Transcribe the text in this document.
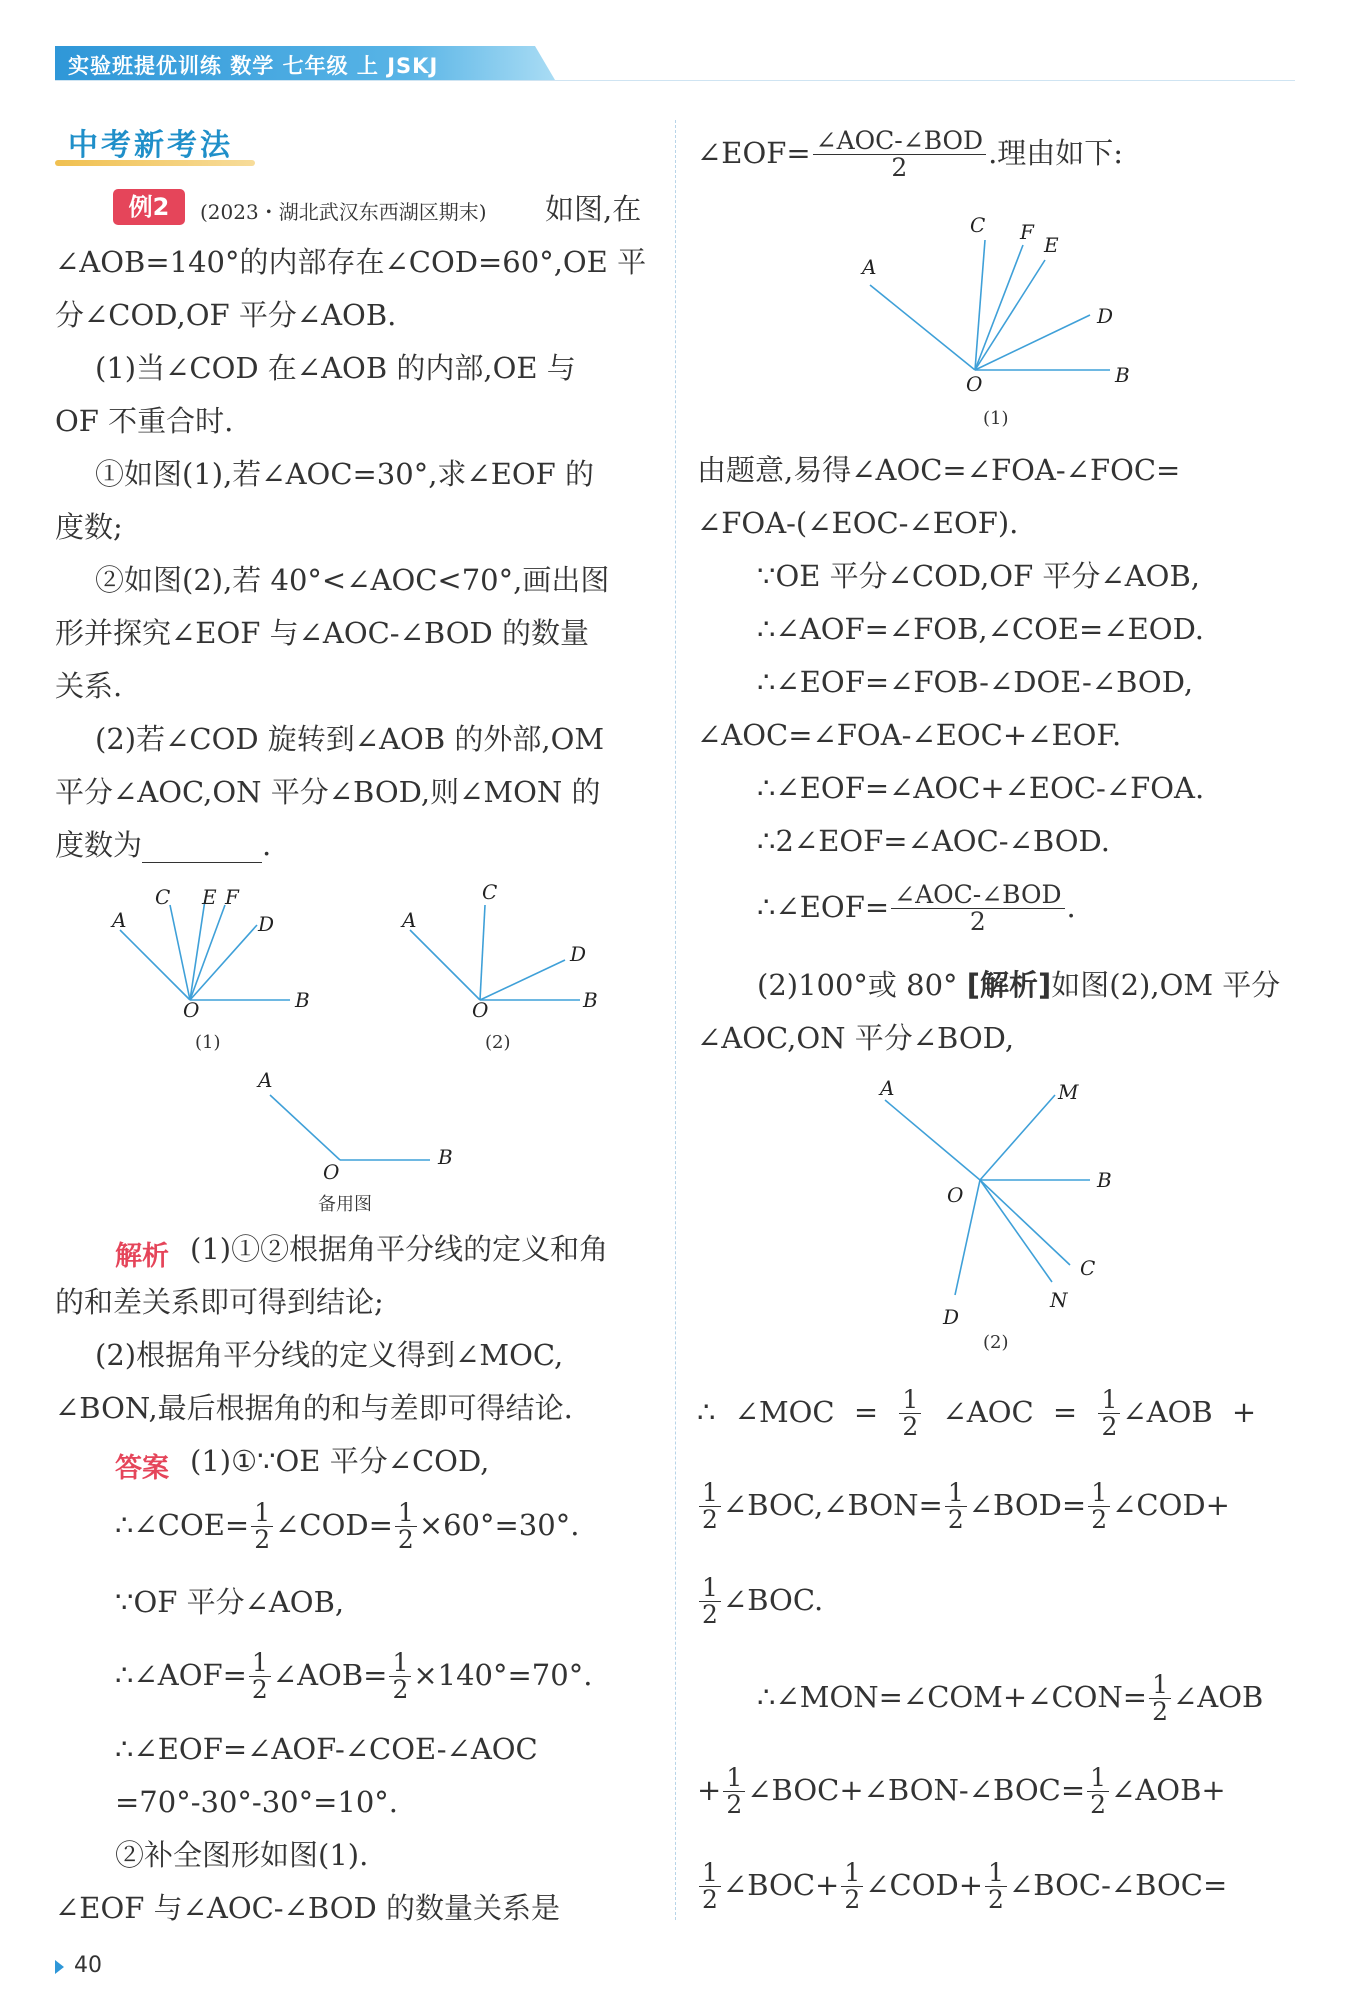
实验班提优训练 数学 七年级 上 JSKJ
中考新考法
例2	(2023・湖北武汉东西湖区期末) 如图,在
∠AOB=140°的内部存在∠COD=60°,OE 平
分∠COD,OF 平分∠AOB.
(1)当∠COD 在∠AOB 的内部,OE 与
OF 不重合时.
①如图(1),若∠AOC=30°,求∠EOF 的
度数;
②如图(2),若 40°<∠AOC<70°,画出图
形并探究∠EOF 与∠AOC-∠BOD 的数量
关系.
(2)若∠COD 旋转到∠AOB 的外部,OM
平分∠AOC,ON 平分∠BOD,则∠MON 的
度数为	.
A
C E F
D
O	B
(1)
A
C
D
O	B
(2)
A
O
B
备用图
解析 (1)①②根据角平分线的定义和角
的和差关系即可得到结论;
(2)根据角平分线的定义得到∠MOC,
∠BON,最后根据角的和与差即可得结论.
答案 (1)①∵OE 平分∠COD,
∴∠COE= $\frac{1}{2}$ ∠COD= $\frac{1}{2} \times 60^\circ=30^\circ$.
∵OF 平分∠AOB,
∴∠AOF= $\frac{1}{2}$ ∠AOB= $\frac{1}{2} \times 140^\circ=70^\circ$.
∴∠EOF=∠AOF-∠COE-∠AOC
=70°-30°-30°=10°.
②补全图形如图(1).
∠EOF 与∠AOC-∠BOD 的数量关系是
∠EOF= $\frac{\text{∠AOC-∠BOD}}{2}$ .理由如下:
A
C F
E
D
O	B
(1)
由题意,易得∠AOC=∠FOA-∠FOC=
∠FOA-(∠EOC-∠EOF).
∵OE 平分∠COD,OF 平分∠AOB,
∴∠AOF=∠FOB,∠COE=∠EOD.
∴∠EOF=∠FOB-∠DOE-∠BOD,
∠AOC=∠FOA-∠EOC+∠EOF.
∴∠EOF=∠AOC+∠EOC-∠FOA.
∴2∠EOF=∠AOC-∠BOD.
∴∠EOF= $\frac{\text{∠AOC-∠BOD}}{2}$ .
(2)100°或 80° [解析]如图(2),OM 平分
∠AOC,ON 平分∠BOD,
A	M
B
O
C
N
D
(2)
∴ ∠MOC = $\frac{1}{2}$ ∠AOC = $\frac{1}{2}$ ∠AOB +
$\frac{1}{2}$ ∠BOC,∠BON= $\frac{1}{2}$ ∠BOD= $\frac{1}{2}$ ∠COD+
$\frac{1}{2}$ ∠BOC.
∴∠MON=∠COM+∠CON= $\frac{1}{2}$ ∠AOB
+ $\frac{1}{2}$ ∠BOC+∠BON-∠BOC= $\frac{1}{2}$ ∠AOB+
$\frac{1}{2}$ ∠BOC+ $\frac{1}{2}$ ∠COD+ $\frac{1}{2}$ ∠BOC-∠BOC=
40
